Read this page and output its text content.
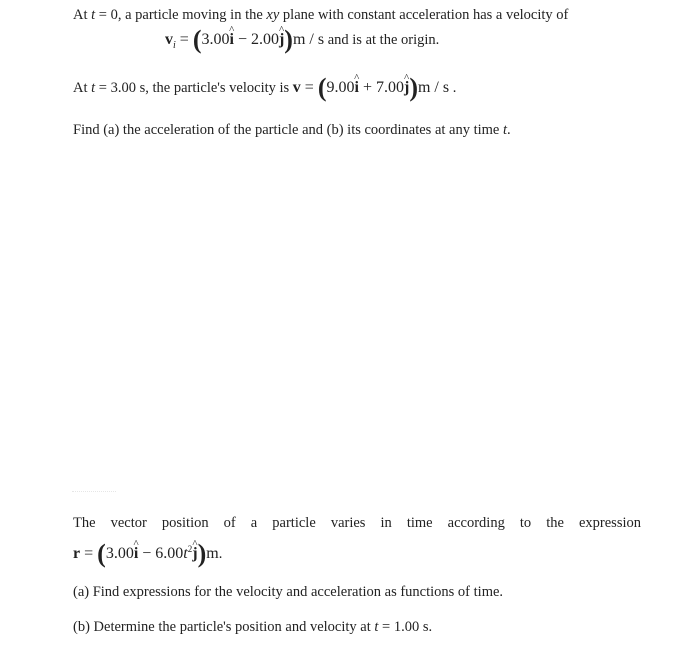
At t = 0, a particle moving in the xy plane with constant acceleration has a velocity of
$v_i = (3.00i$ ^ − 2.00j ^)m / s and is at the origin.
At t = 3.00 s, the particle's velocity is v = (9.00i ^ + 7.00j ^)m / s .
Find (a) the acceleration of the particle and (b) its coordinates at any time t.
The vector position of a particle varies in time according to the expression
r = (3.00i ^ − $6.00t^2j$ ^)m.
(a) Find expressions for the velocity and acceleration as functions of time.
(b) Determine the particle's position and velocity at t = 1.00 s.
